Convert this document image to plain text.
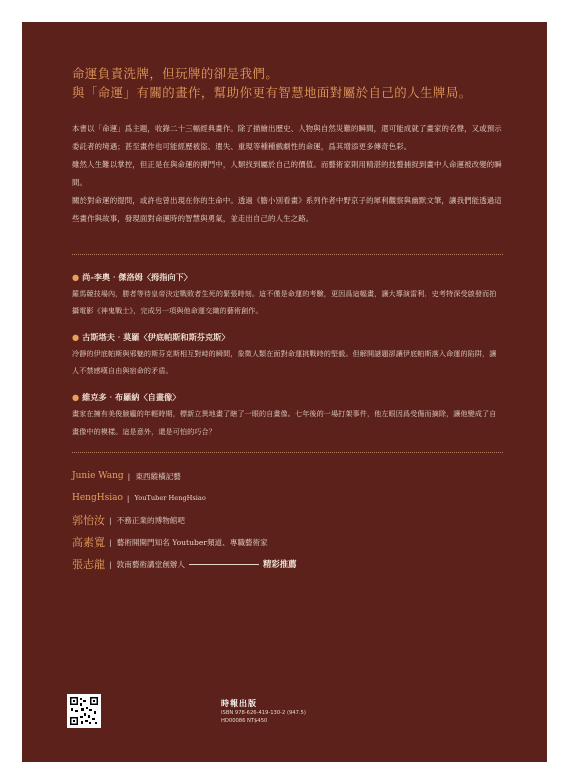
命運負責洗牌，但玩牌的卻是我們。
與「命運」有關的畫作，幫助你更有智慧地面對屬於自己的人生牌局。

本書以「命運」爲主題，收錄二十三幅經典畫作。除了描繪出歷史、人物與自然災難的瞬間，還可能成就了畫家的名聲，又或預示委託者的境遇；甚至畫作也可能經歷被盜、遺失、重現等種種戲劇性的命運，爲其增添更多傳奇色彩。

雖然人生難以掌控，但正是在與命運的搏鬥中，人類找到屬於自己的價值。而藝術家則用精湛的技藝捕捉到畫中人命運被改變的瞬間。

關於對命運的提問，或許也曾出現在你的生命中。透過《膽小別看畫》系列作者中野京子的犀利觀察與幽默文筆，讓我們能透過這些畫作與故事，發現面對命運時的智慧與勇氣，並走出自己的人生之路。

● 尚-李奧‧傑洛姆〈拇指向下〉

羅馬競技場內，勝者等待皇帝決定戰敗者生死的緊張時刻。這不僅是命運的考驗，更因爲這幅畫，讓大導演雷利．史考特深受啟發而拍攝電影《神鬼戰士》，完成另一項與他命運交織的藝術創作。

● 古斯塔夫‧莫羅〈伊底帕斯和斯芬克斯〉

冷靜的伊底帕斯與邪魅的斯芬克斯相互對峙的瞬間，象徵人類在面對命運挑戰時的堅毅。但解開謎題卻讓伊底帕斯落入命運的陷阱，讓人不禁感嘆自由與宿命的矛盾。

● 維克多‧布羅納〈自畫像〉

畫家在擁有美俊臉龐的年輕時期，標新立異地畫了瞎了一眼的自畫像。七年後的一場打架事件，他左眼因爲受傷而摘除，讓他變成了自畫像中的模樣。這是意外，還是可怕的巧合？

Junie Wang |
東西縱橫記藝
HengHsiao |
YouTuber HengHsiao
郭怡汝 |
不務正業的博物館吧
高素寬 |
藝術開開門知名 Youtuber頻道、專職藝術家
張志龍 |
敦南藝術講堂創辦人	精彩推薦
時報出版
ISBN 978-626-419-130-2 (947.5)
HD00086 NT$450
